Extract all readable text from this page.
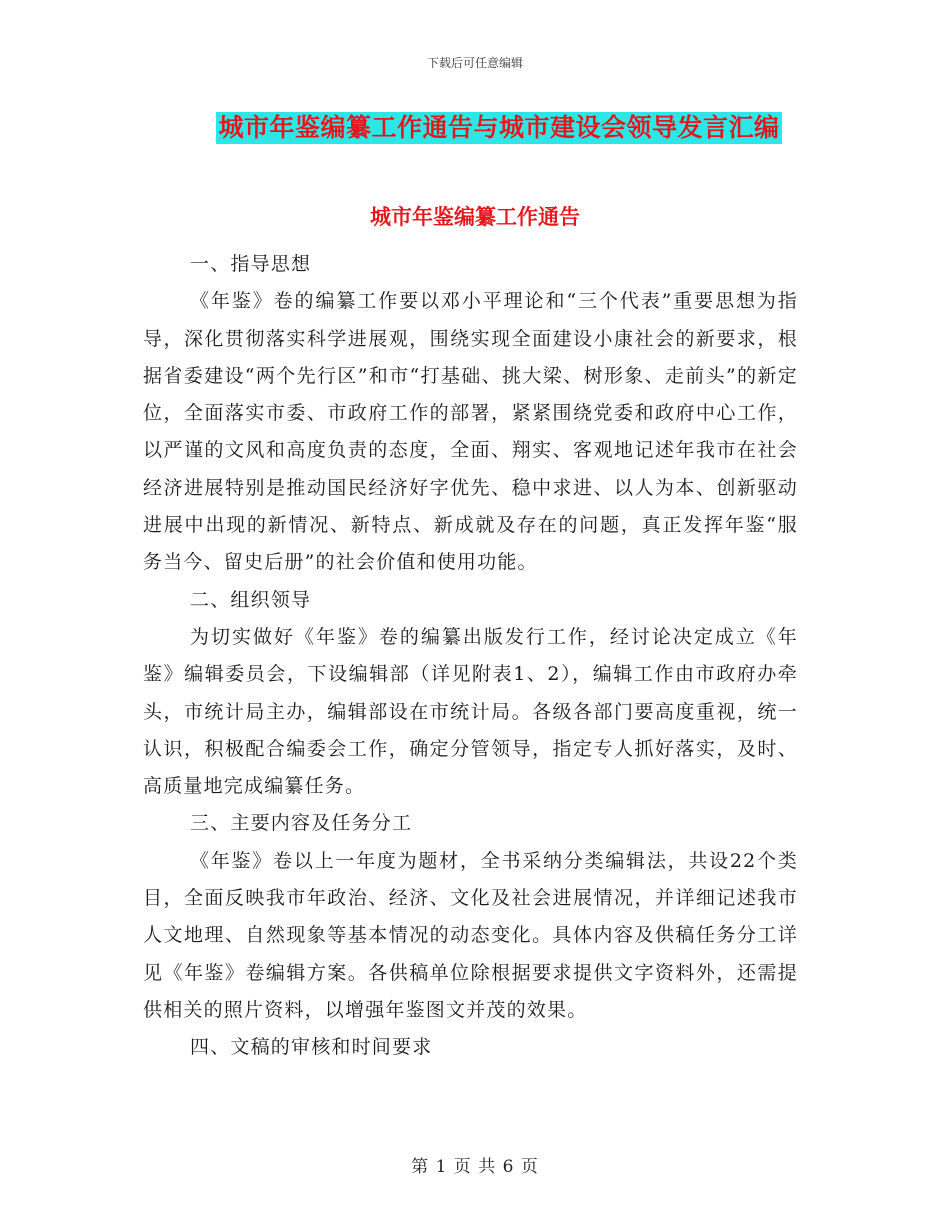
下载后可任意编辑
城市年鉴编纂工作通告与城市建设会领导发言汇编
城市年鉴编纂工作通告

一、指导思想

《年鉴》卷的编纂工作要以邓小平理论和“三个代表”重要思想为指导，深化贯彻落实科学进展观，围绕实现全面建设小康社会的新要求，根据省委建设“两个先行区”和市“打基础、挑大梁、树形象、走前头”的新定位，全面落实市委、市政府工作的部署，紧紧围绕党委和政府中心工作，以严谨的文风和高度负责的态度，全面、翔实、客观地记述年我市在社会经济进展特别是推动国民经济好字优先、稳中求进、以人为本、创新驱动进展中出现的新情况、新特点、新成就及存在的问题，真正发挥年鉴“服务当今、留史后册”的社会价值和使用功能。

二、组织领导

为切实做好《年鉴》卷的编纂出版发行工作，经讨论决定成立《年鉴》编辑委员会，下设编辑部（详见附表1、2），编辑工作由市政府办牵头，市统计局主办，编辑部设在市统计局。各级各部门要高度重视，统一认识，积极配合编委会工作，确定分管领导，指定专人抓好落实，及时、高质量地完成编纂任务。

三、主要内容及任务分工

《年鉴》卷以上一年度为题材，全书采纳分类编辑法，共设22个类目，全面反映我市年政治、经济、文化及社会进展情况，并详细记述我市人文地理、自然现象等基本情况的动态变化。具体内容及供稿任务分工详见《年鉴》卷编辑方案。各供稿单位除根据要求提供文字资料外，还需提供相关的照片资料，以增强年鉴图文并茂的效果。

四、文稿的审核和时间要求

第 1 页 共 6 页
